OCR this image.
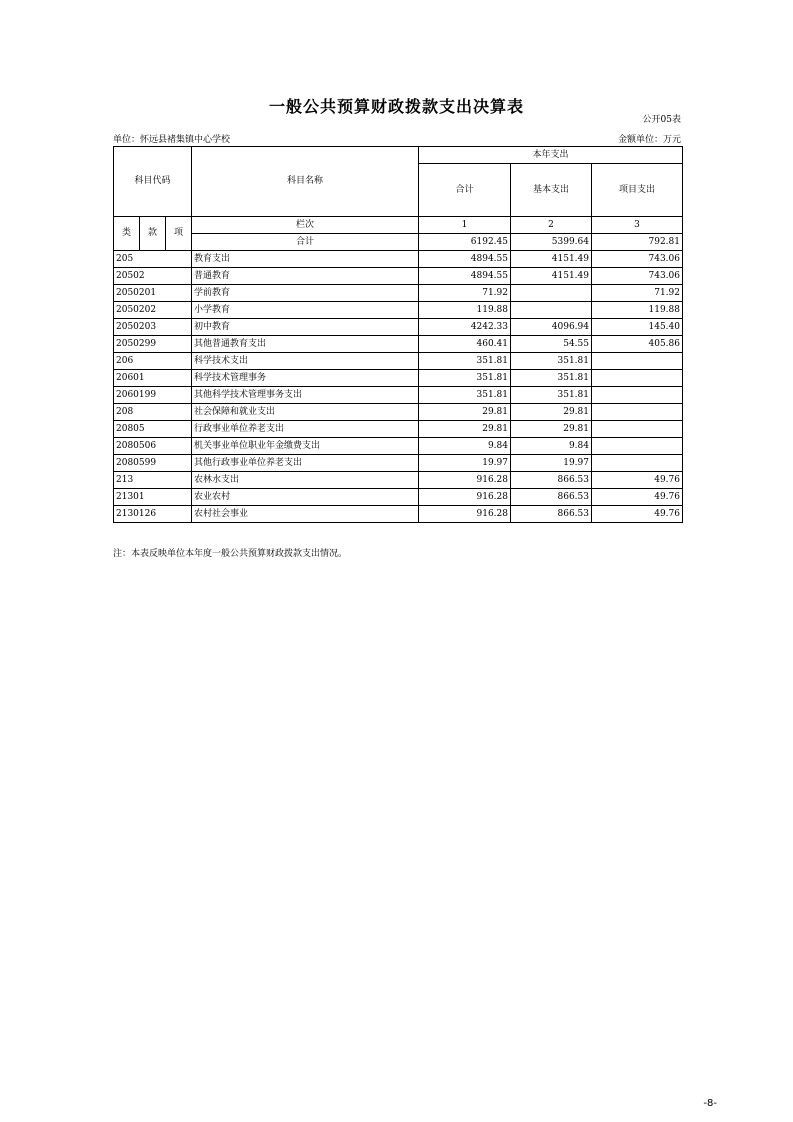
一般公共预算财政拨款支出决算表
公开05表
单位：怀远县褚集镇中心学校	金额单位：万元
科目代码			科目名称	本年支出		
				合计	基本支出	项目支出
类	款	项	栏次	1	2	3
			合计	6192.45	5399.64	792.81
205			教育支出	4894.55	4151.49	743.06
20502			普通教育	4894.55	4151.49	743.06
2050201			学前教育	71.92		71.92
2050202			小学教育	119.88		119.88
2050203			初中教育	4242.33	4096.94	145.40
2050299			其他普通教育支出	460.41	54.55	405.86
206			科学技术支出	351.81	351.81	
20601			科学技术管理事务	351.81	351.81	
2060199			其他科学技术管理事务支出	351.81	351.81	
208			社会保障和就业支出	29.81	29.81	
20805			行政事业单位养老支出	29.81	29.81	
2080506			机关事业单位职业年金缴费支出	9.84	9.84	
2080599			其他行政事业单位养老支出	19.97	19.97	
213			农林水支出	916.28	866.53	49.76
21301			农业农村	916.28	866.53	49.76
2130126			农村社会事业	916.28	866.53	49.76
注：本表反映单位本年度一般公共预算财政拨款支出情况。
-8-
